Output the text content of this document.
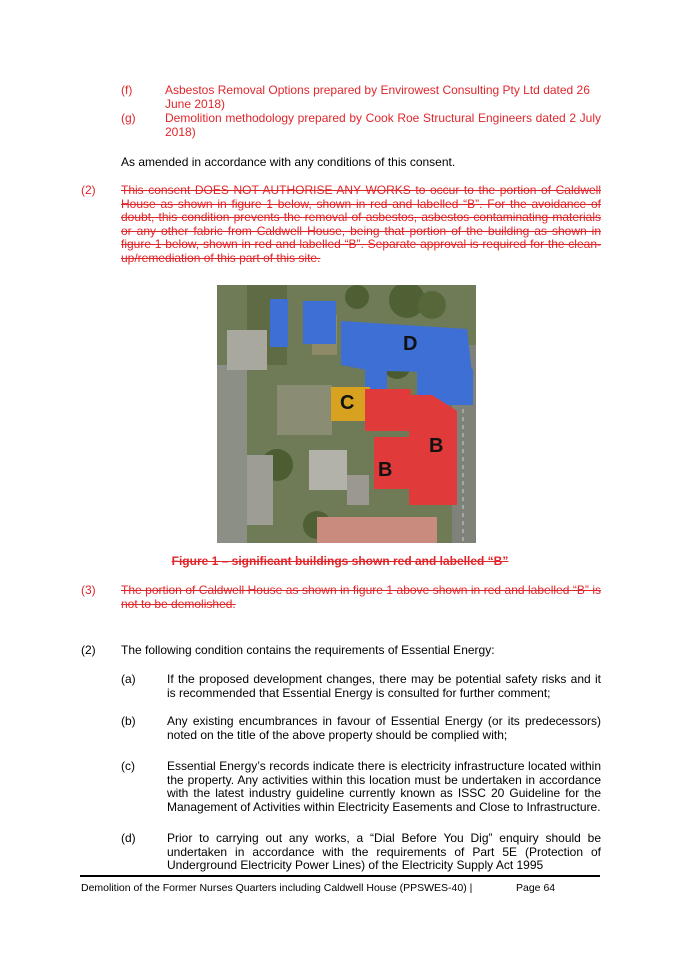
(f)	Asbestos Removal Options prepared by Envirowest Consulting Pty Ltd dated 26 June 2018)
(g)	Demolition methodology prepared by Cook Roe Structural Engineers dated 2 July 2018)
As amended in accordance with any conditions of this consent.
(2)	This consent DOES NOT AUTHORISE ANY WORKS to occur to the portion of Caldwell House as shown in figure 1 below, shown in red and labelled “B”. For the avoidance of doubt, this condition prevents the removal of asbestos, asbestos contaminating materials or any other fabric from Caldwell House, being that portion of the building as shown in figure 1 below, shown in red and labelled “B”. Separate approval is required for the clean-up/remediation of this part of this site.
D
C
B
B
Figure 1 – significant buildings shown red and labelled “B”
(3)	The portion of Caldwell House as shown in figure 1 above shown in red and labelled “B” is not to be demolished.
(2)	The following condition contains the requirements of Essential Energy:
(a)	If the proposed development changes, there may be potential safety risks and it is recommended that Essential Energy is consulted for further comment;
(b)	Any existing encumbrances in favour of Essential Energy (or its predecessors) noted on the title of the above property should be complied with;
(c)	Essential Energy’s records indicate there is electricity infrastructure located within the property. Any activities within this location must be undertaken in accordance with the latest industry guideline currently known as ISSC 20 Guideline for the Management of Activities within Electricity Easements and Close to Infrastructure.
(d)	Prior to carrying out any works, a “Dial Before You Dig” enquiry should be undertaken in accordance with the requirements of Part 5E (Protection of Underground Electricity Power Lines) of the Electricity Supply Act 1995
Demolition of the Former Nurses Quarters including Caldwell House (PPSWES-40) |	Page 64
